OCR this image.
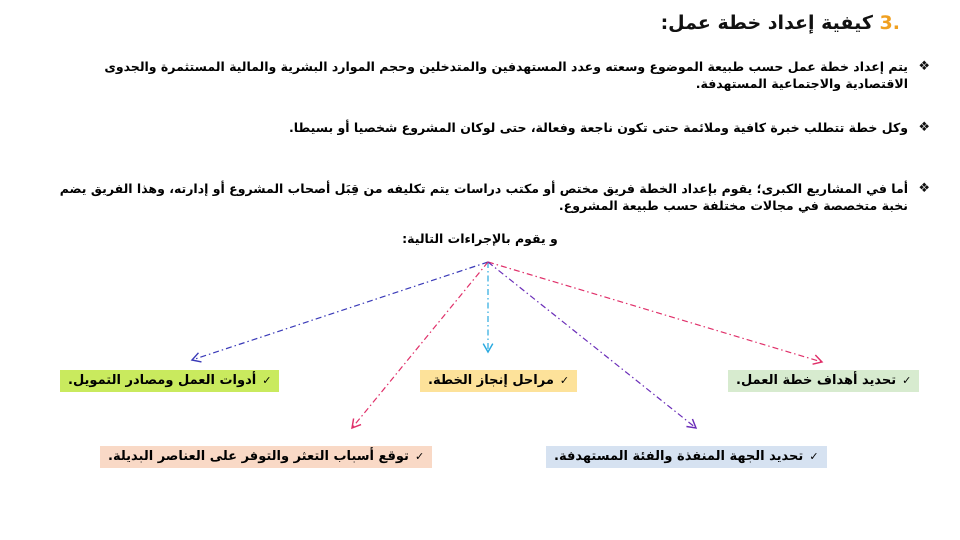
.3 كيفية إعداد خطة عمل:
❖
يتم إعداد خطة عمل حسب طبيعة الموضوع وسعته وعدد المستهدفين والمتدخلين وحجم الموارد البشرية والمالية المستثمرة والجدوى الاقتصادية والاجتماعية المستهدفة.
❖
وكل خطة تتطلب خبرة كافية وملائمة حتى تكون ناجعة وفعالة، حتى لوكان المشروع شخصيا أو بسيطا.
❖
أما في المشاريع الكبرى؛ يقوم بإعداد الخطة فريق مختص أو مكتب دراسات يتم تكليفه من قِبَل أصحاب المشروع أو إدارته، وهذا الفريق يضم نخبة متخصصة في مجالات مختلفة حسب طبيعة المشروع.
و يقوم بالإجراءات التالية:
✓تحديد أهداف خطة العمل.
✓مراحل إنجاز الخطة.
✓أدوات العمل ومصادر التمويل.
✓تحديد الجهة المنفذة والفئة المستهدفة.
✓توقع أسباب التعثر والتوفر على العناصر البديلة.
